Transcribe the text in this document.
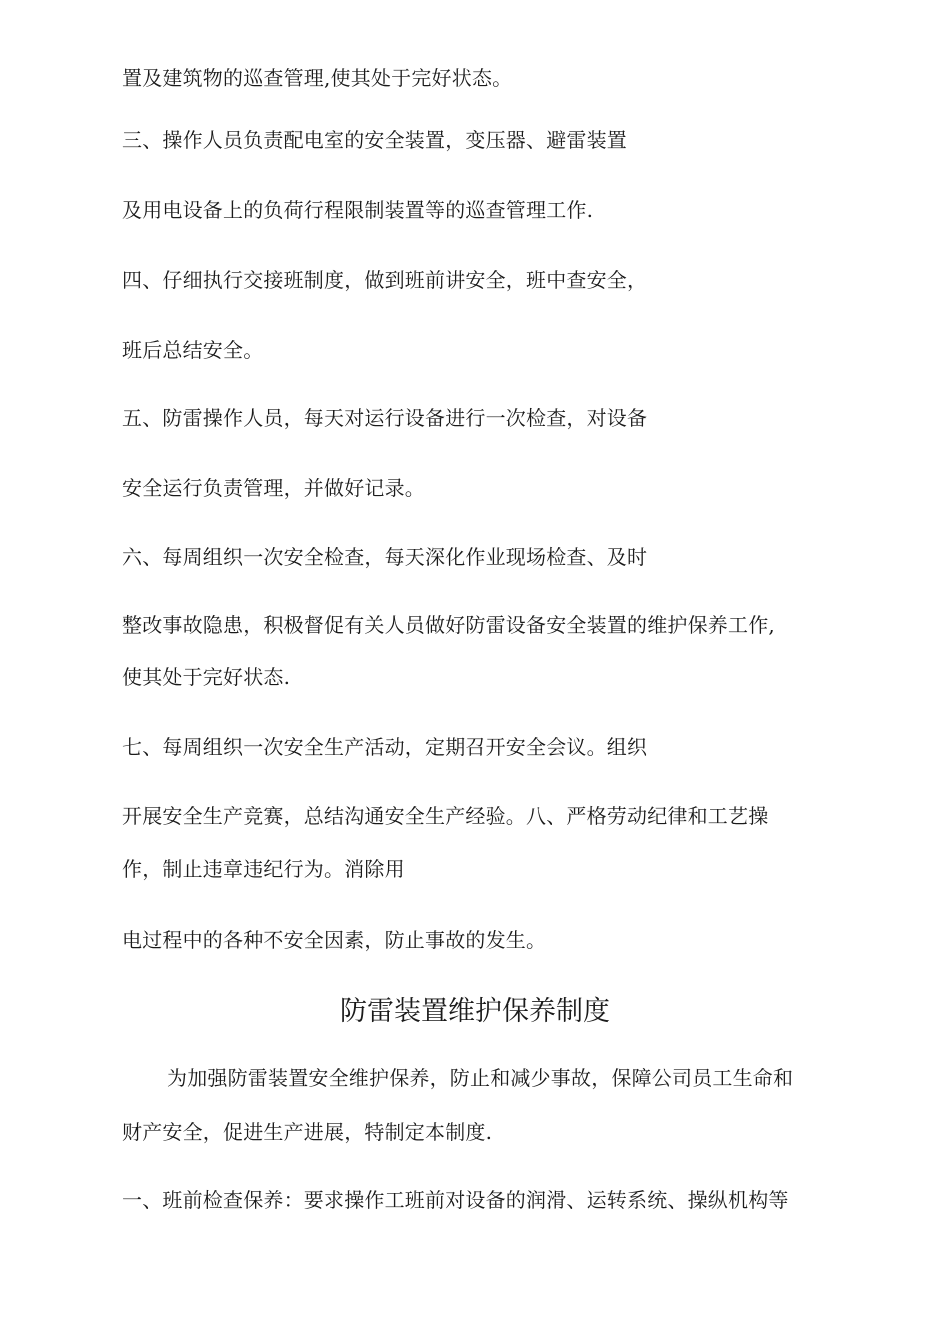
置及建筑物的巡查管理,使其处于完好状态。
三、操作人员负责配电室的安全装置，变压器、避雷装置
及用电设备上的负荷行程限制装置等的巡查管理工作.
四、仔细执行交接班制度，做到班前讲安全，班中查安全，
班后总结安全。
五、防雷操作人员，每天对运行设备进行一次检查，对设备
安全运行负责管理，并做好记录。
六、每周组织一次安全检查，每天深化作业现场检查、及时
整改事故隐患，积极督促有关人员做好防雷设备安全装置的维护保养工作,
使其处于完好状态.
七、每周组织一次安全生产活动，定期召开安全会议。组织
开展安全生产竞赛，总结沟通安全生产经验。八、严格劳动纪律和工艺操
作，制止违章违纪行为。消除用
电过程中的各种不安全因素，防止事故的发生。
防雷装置维护保养制度
为加强防雷装置安全维护保养，防止和减少事故，保障公司员工生命和
财产安全，促进生产进展，特制定本制度.
一、班前检查保养：要求操作工班前对设备的润滑、运转系统、操纵机构等
